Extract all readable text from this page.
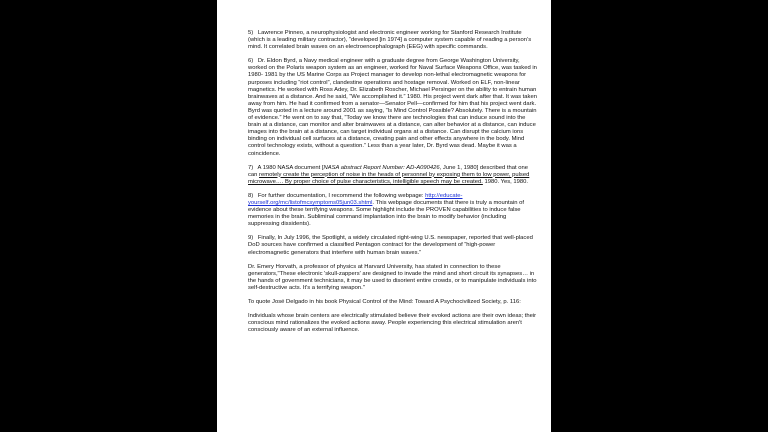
5) Lawrence Pinneo, a neurophysiologist and electronic engineer working for Stanford Research Institute (which is a leading military contractor), “developed [in 1974] a computer system capable of reading a person’s mind. It correlated brain waves on an electroencephalograph (EEG) with specific commands.

6) Dr. Eldon Byrd, a Navy medical engineer with a graduate degree from George Washington University, worked on the Polaris weapon system as an engineer, worked for Naval Surface Weapons Office, was tasked in 1980- 1981 by the US Marine Corps as Project manager to develop non-lethal electromagnetic weapons for purposes including “riot control”, clandestine operations and hostage removal. Worked on ELF, non-linear magnetics. He worked with Ross Adey, Dr. Elizabeth Roscher, Michael Persinger on the ability to entrain human brainwaves at a distance. And he said, “We accomplished it.” 1980. His project went dark after that. It was taken away from him. He had it confirmed from a senator—Senator Pell—confirmed for him that his project went dark. Byrd was quoted in a lecture around 2001 as saying, “Is Mind Control Possible? Absolutely. There is a mountain of evidence.” He went on to say that, “Today we know there are technologies that can induce sound into the brain at a distance, can monitor and alter brainwaves at a distance, can alter behavior at a distance, can induce images into the brain at a distance, can target individual organs at a distance. Can disrupt the calcium ions binding on individual cell surfaces at a distance, creating pain and other effects anywhere in the body. Mind control technology exists, without a question.” Less than a year later, Dr. Byrd was dead. Maybe it was a coincidence.

7) A 1980 NASA document [NASA abstract Report Number: AD-A090426, June 1, 1980] described that one can remotely create the perception of noise in the heads of personnel by exposing them to low power, pulsed microwave…. By proper choice of pulse characteristics, intelligible speech may be created. 1980. Yes, 1980.

8) For further documentation, I recommend the following webpage: http://educate-yourself.org/mc/listofmcsymptoms05jun03.shtml. This webpage documents that there is truly a mountain of evidence about these terrifying weapons. Some highlight include the PROVEN capabilities to induce false memories in the brain. Subliminal command implantation into the brain to modify behavior (including suppressing dissidents).

9) Finally, In July 1996, the Spotlight, a widely circulated right-wing U.S. newspaper, reported that well-placed DoD sources have confirmed a classified Pentagon contract for the development of “high-power electromagnetic generators that interfere with human brain waves.”

Dr. Emery Horvath, a professor of physics at Harvard University, has stated in connection to these generators,"These electronic 'skull-zappers' are designed to invade the mind and short circuit its synapses… in the hands of government technicians, it may be used to disorient entire crowds, or to manipulate individuals into self-destructive acts. It's a terrifying weapon."

To quote José Delgado in his book Physical Control of the Mind: Toward A Psychocivilized Society, p. 116:

Individuals whose brain centers are electrically stimulated believe their evoked actions are their own ideas; their conscious mind rationalizes the evoked actions away. People experiencing this electrical stimulation aren't consciously aware of an external influence.
